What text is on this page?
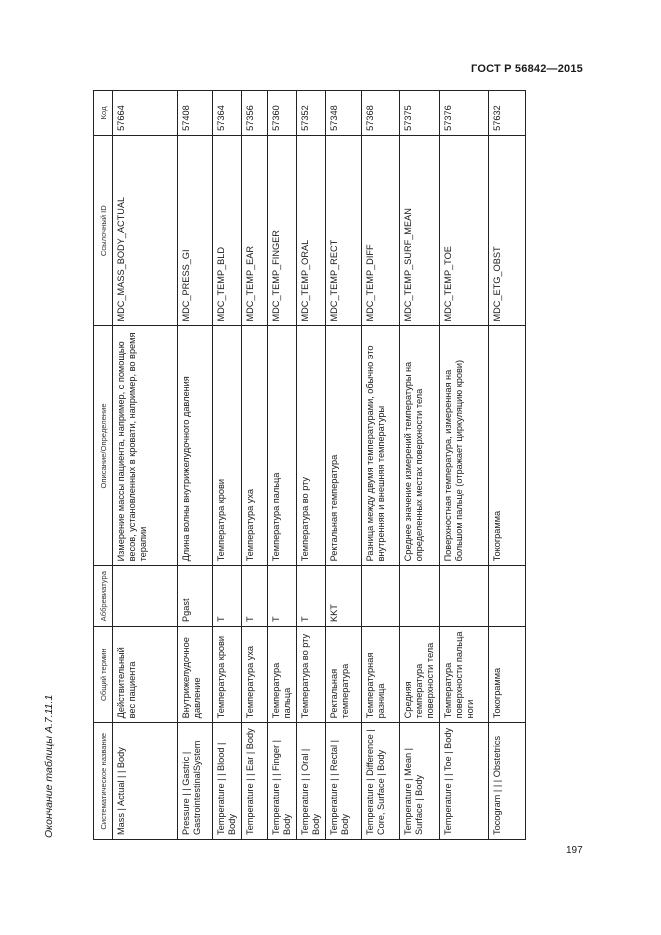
ГОСТ Р 56842—2015
Окончание таблицы А.7.11.1	Систематическое название	Общий термин	Аббревиатура	Описание/Определение	Ссылочный ID	Код
Mass | Actual | | Body	Действительный вес пациента		Измерение массы пациента, например, с помощью весов, установленных в кровати, например, во время терапии	MDC_MASS_BODY_ACTUAL	57664
Pressure | | Gastric | GastrointestinalSystem	Внутрижелудочное давление	Pgast	Длина волны внутрижелудочного давления	MDC_PRESS_GI	57408
Temperature | | Blood | Body	Температура крови	T	Температура крови	MDC_TEMP_BLD	57364
Temperature | | Ear | Body	Температура уха	T	Температура уха	MDC_TEMP_EAR	57356
Temperature | | Finger | Body	Температура пальца	T	Температура пальца	MDC_TEMP_FINGER	57360
Temperature | | Oral | Body	Температура во рту	T	Температура во рту	MDC_TEMP_ORAL	57352
Temperature | | Rectal | Body	Ректальная температура	KKT	Ректальная температура	MDC_TEMP_RECT	57348
Temperature | Difference | Core, Surface | Body	Температурная разница		Разница между двумя температурами, обычно это внутренняя и внешняя температуры	MDC_TEMP_DIFF	57368
Temperature | Mean | Surface | Body	Средняя температура поверхности тела		Среднее значение измерений температуры на определенных местах поверхности тела	MDC_TEMP_SURF_MEAN	57375
Temperature | | Toe | Body	Температура поверхности пальца ноги		Поверхностная температура, измеренная на большом пальце (отражает циркуляцию крови)	MDC_TEMP_TOE	57376
Tocogram | | | Obstetrics	Токограмма		Токограмма	MDC_ETG_OBST	57632
197
